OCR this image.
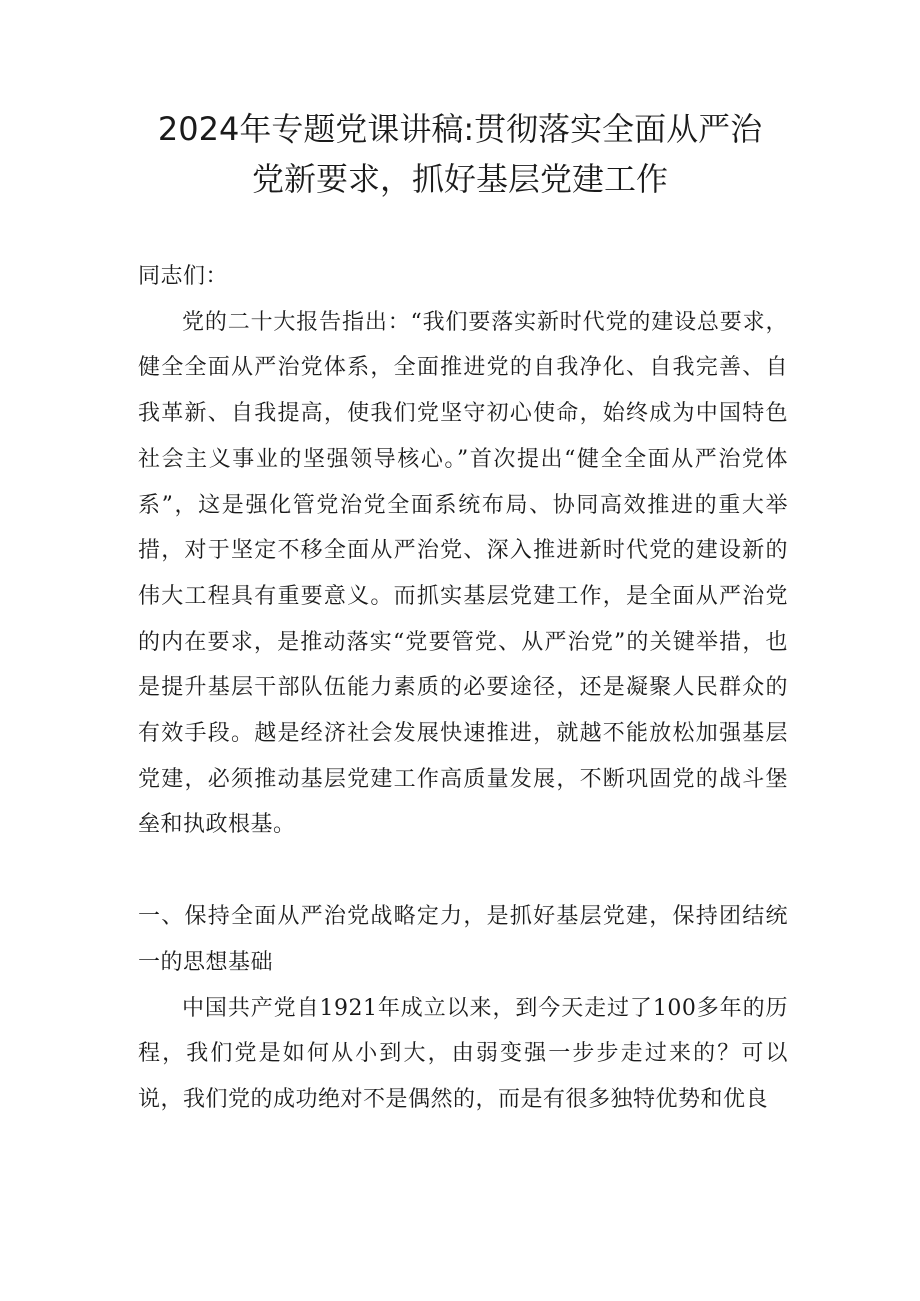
2024年专题党课讲稿:贯彻落实全面从严治
党新要求，抓好基层党建工作

同志们：

党的二十大报告指出：“我们要落实新时代党的建设总要求，健全全面从严治党体系，全面推进党的自我净化、自我完善、自我革新、自我提高，使我们党坚守初心使命，始终成为中国特色社会主义事业的坚强领导核心。”首次提出“健全全面从严治党体系”，这是强化管党治党全面系统布局、协同高效推进的重大举措，对于坚定不移全面从严治党、深入推进新时代党的建设新的伟大工程具有重要意义。而抓实基层党建工作，是全面从严治党的内在要求，是推动落实“党要管党、从严治党”的关键举措，也是提升基层干部队伍能力素质的必要途径，还是凝聚人民群众的有效手段。越是经济社会发展快速推进，就越不能放松加强基层党建，必须推动基层党建工作高质量发展，不断巩固党的战斗堡垒和执政根基。

一、保持全面从严治党战略定力，是抓好基层党建，保持团结统一的思想基础

中国共产党自1921年成立以来，到今天走过了100多年的历程，我们党是如何从小到大，由弱变强一步步走过来的？可以说，我们党的成功绝对不是偶然的，而是有很多独特优势和优良
